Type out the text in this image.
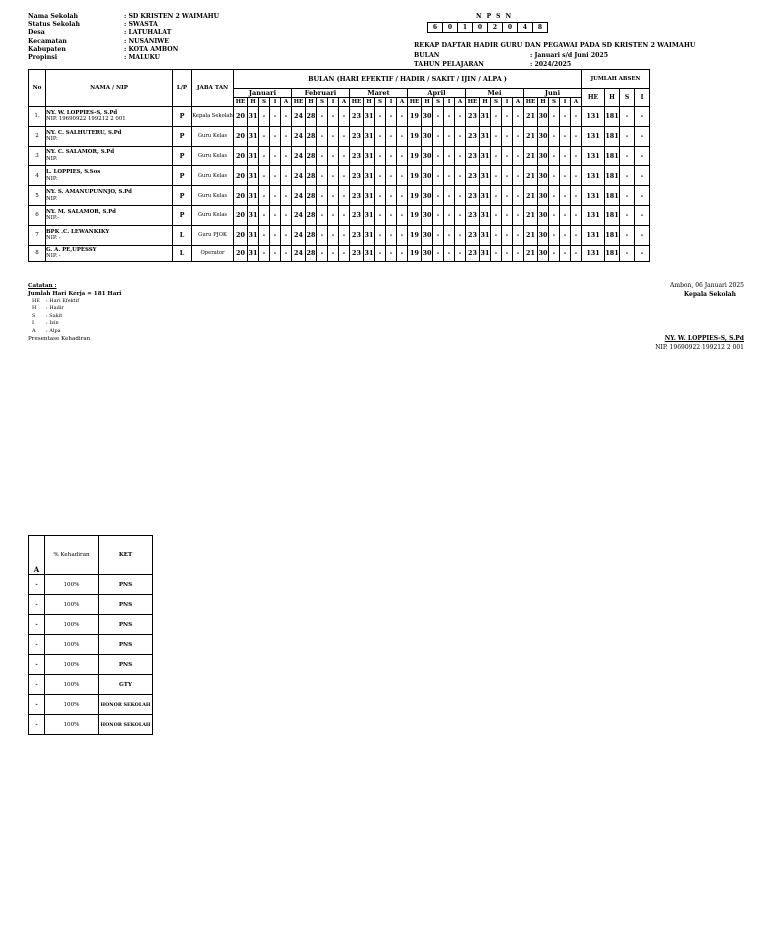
Nama Sekolah	: SD KRISTEN 2 WAIMAHU
Status Sekolah	: SWASTA
Desa	: LATUHALAT
Kecamatan	: NUSANIWE
Kabupaten	: KOTA AMBON
Propinsi	: MALUKU
N P S N
6	0	1	0	2	0	4	8
REKAP DAFTAR HADIR GURU DAN PEGAWAI PADA SD KRISTEN 2 WAIMAHU
BULAN	: Januari s/d Juni 2025
TAHUN PELAJARAN	: 2024/2025
No	NAMA / NIP	L/P	JABA TAN	BULAN (HARI EFEKTIF / HADIR / SAKIT / IJIN / ALPA )																														JUMLAH ABSEN			
				Januari					Februari					Maret					April					Mei					Juni					HE	H	S	I
				HE	H	S	I	A	HE	H	S	I	A	HE	H	S	I	A	HE	H	S	I	A	HE	H	S	I	A	HE	H	S	I	A				
1.	NY. W. LOPPIES-S, S.Pd
NIP. 19690922 199212 2 001	P	Kepala Sekolah	20	31	-	-	-	24	28	-	-	-	23	31	-	-	-	19	30	-	-	-	23	31	-	-	-	21	30	-	-	-	131	181	-	-
2	NY. C. SALHUTERU, S.Pd
NIP.	P	Guru Kelas	20	31	-	-	-	24	28	-	-	-	23	31	-	-	-	19	30	-	-	-	23	31	-	-	-	21	30	-	-	-	131	181	-	-
3	NY. C. SALAMOR, S.Pd
NIP.	P	Guru Kelas	20	31	-	-	-	24	28	-	-	-	23	31	-	-	-	19	30	-	-	-	23	31	-	-	-	21	30	-	-	-	131	181	-	-
4	L. LOPPIES, S.Sos
NIP.	P	Guru Kelas	20	31	-	-	-	24	28	-	-	-	23	31	-	-	-	19	30	-	-	-	23	31	-	-	-	21	30	-	-	-	131	181	-	-
5	NY. S. AMANUPUNNJO, S.Pd
NIP.	P	Guru Kelas	20	31	-	-	-	24	28	-	-	-	23	31	-	-	-	19	30	-	-	-	23	31	-	-	-	21	30	-	-	-	131	181	-	-
6	NY. M. SALAMOR, S.Pd
NIP.-	P	Guru Kelas	20	31	-	-	-	24	28	-	-	-	23	31	-	-	-	19	30	-	-	-	23	31	-	-	-	21	30	-	-	-	131	181	-	-
7	BPK .C. LEWANKIKY
NIP. -	L	Guru PJOK	20	31	-	-	-	24	28	-	-	-	23	31	-	-	-	19	30	-	-	-	23	31	-	-	-	21	30	-	-	-	131	181	-	-
8	G. A. PE,UPESSY
NIP. -	L	Operator	20	31	-	-	-	24	28	-	-	-	23	31	-	-	-	19	30	-	-	-	23	31	-	-	-	21	30	-	-	-	131	181	-	-
Catatan :
Jumlah Hari Kerja = 181 Hari
HE : Hari Efektif
H : Hadir
S : Sakit
I : Izin
A : Alpa
Presentase Kehadiran
Ambon, 06 Januari 2025
Kepala Sekolah
NY. W. LOPPIES-S, S.Pd
NIP. 19690922 199212 2 001
A	% Kehadiran	KET
-	100%	PNS
-	100%	PNS
-	100%	PNS
-	100%	PNS
-	100%	PNS
-	100%	GTY
-	100%	HONOR SEKOLAH
-	100%	HONOR SEKOLAH
